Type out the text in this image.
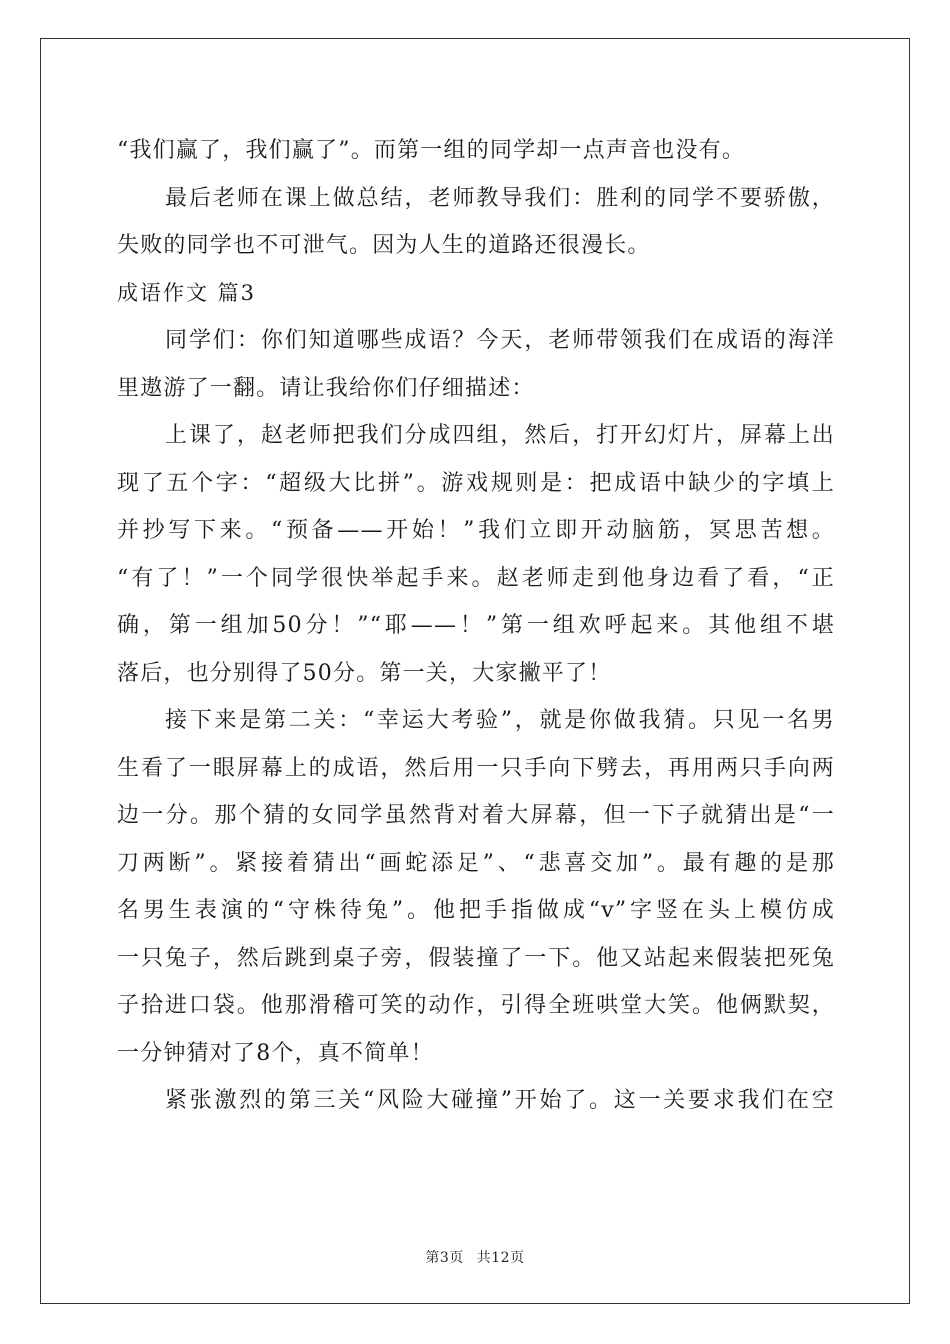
“我们赢了，我们赢了”。而第一组的同学却一点声音也没有。
最后老师在课上做总结，老师教导我们：胜利的同学不要骄傲，
失败的同学也不可泄气。因为人生的道路还很漫长。
成语作文 篇3
同学们：你们知道哪些成语？今天，老师带领我们在成语的海洋
里遨游了一翻。请让我给你们仔细描述：
上课了，赵老师把我们分成四组，然后，打开幻灯片，屏幕上出
现了五个字：“超级大比拼”。游戏规则是：把成语中缺少的字填上
并抄写下来。“预备——开始！”我们立即开动脑筋，冥思苦想。
“有了！”一个同学很快举起手来。赵老师走到他身边看了看，“正
确，第一组加50分！”“耶——！”第一组欢呼起来。其他组不堪
落后，也分别得了50分。第一关，大家撇平了！
接下来是第二关：“幸运大考验”，就是你做我猜。只见一名男
生看了一眼屏幕上的成语，然后用一只手向下劈去，再用两只手向两
边一分。那个猜的女同学虽然背对着大屏幕，但一下子就猜出是“一
刀两断”。紧接着猜出“画蛇添足”、“悲喜交加”。最有趣的是那
名男生表演的“守株待兔”。他把手指做成“v”字竖在头上模仿成
一只兔子，然后跳到桌子旁，假装撞了一下。他又站起来假装把死兔
子拾进口袋。他那滑稽可笑的动作，引得全班哄堂大笑。他俩默契，
一分钟猜对了8个，真不简单！
紧张激烈的第三关“风险大碰撞”开始了。这一关要求我们在空
第3页 共12页
